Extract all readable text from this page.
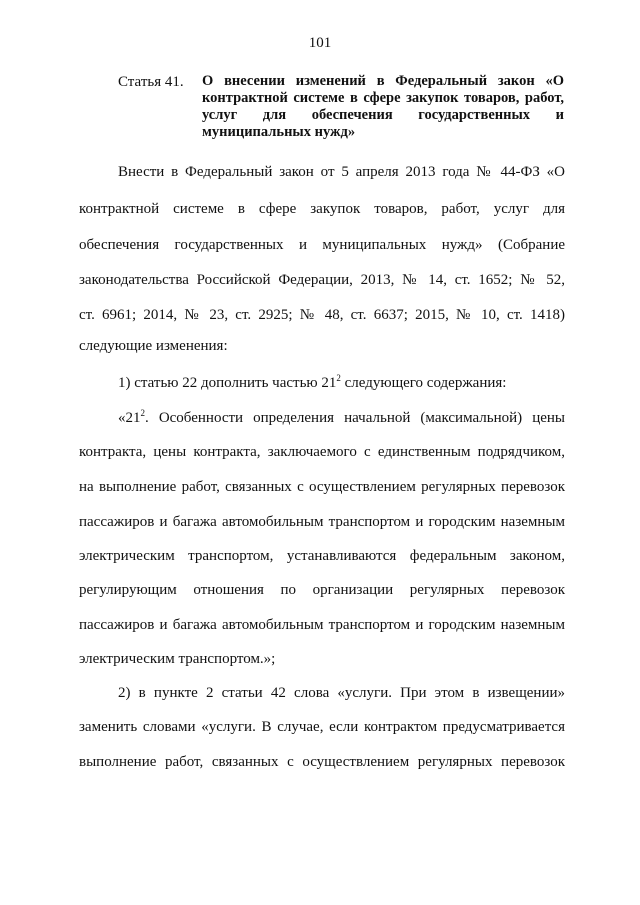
101
Статья 41.	О внесении изменений в Федеральный закон «О контрактной системе в сфере закупок товаров, работ, услуг для обеспечения государственных и муниципальных нужд»
Внести в Федеральный закон от 5 апреля 2013 года № 44-ФЗ «О
контрактной системе в сфере закупок товаров, работ, услуг для
обеспечения государственных и муниципальных нужд» (Собрание
законодательства Российской Федерации, 2013, № 14, ст. 1652; № 52,
ст. 6961; 2014, № 23, ст. 2925; № 48, ст. 6637; 2015, № 10, ст. 1418)
следующие изменения:
1) статью 22 дополнить частью $21^2$ следующего содержания:
«$21^2$. Особенности определения начальной (максимальной) цены
контракта, цены контракта, заключаемого с единственным подрядчиком,
на выполнение работ, связанных с осуществлением регулярных перевозок
пассажиров и багажа автомобильным транспортом и городским наземным
электрическим транспортом, устанавливаются федеральным законом,
регулирующим отношения по организации регулярных перевозок
пассажиров и багажа автомобильным транспортом и городским наземным
электрическим транспортом.»;
2) в пункте 2 статьи 42 слова «услуги. При этом в извещении»
заменить словами «услуги. В случае, если контрактом предусматривается
выполнение работ, связанных с осуществлением регулярных перевозок
